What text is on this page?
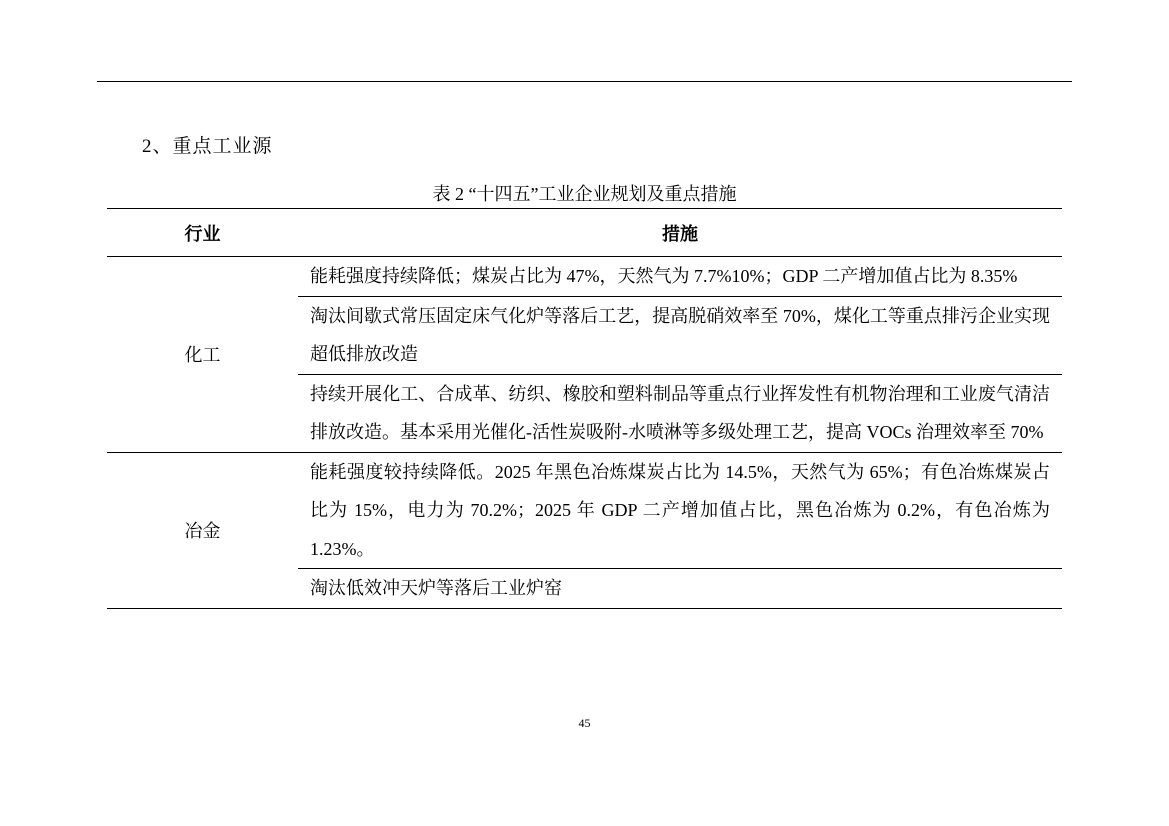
2、重点工业源
表 2 “十四五”工业企业规划及重点措施
行业	措施
化工	能耗强度持续降低；煤炭占比为 47%，天然气为 7.7%10%；GDP 二产增加值占比为 8.35%
	淘汰间歇式常压固定床气化炉等落后工艺，提高脱硝效率至 70%，煤化工等重点排污企业实现超低排放改造
	持续开展化工、合成革、纺织、橡胶和塑料制品等重点行业挥发性有机物治理和工业废气清洁排放改造。基本采用光催化-活性炭吸附-水喷淋等多级处理工艺，提高 VOCs 治理效率至 70%
冶金	能耗强度较持续降低。2025 年黑色冶炼煤炭占比为 14.5%，天然气为 65%；有色冶炼煤炭占比为 15%，电力为 70.2%；2025 年 GDP 二产增加值占比，黑色冶炼为 0.2%，有色冶炼为 1.23%。
	淘汰低效冲天炉等落后工业炉窑
45
